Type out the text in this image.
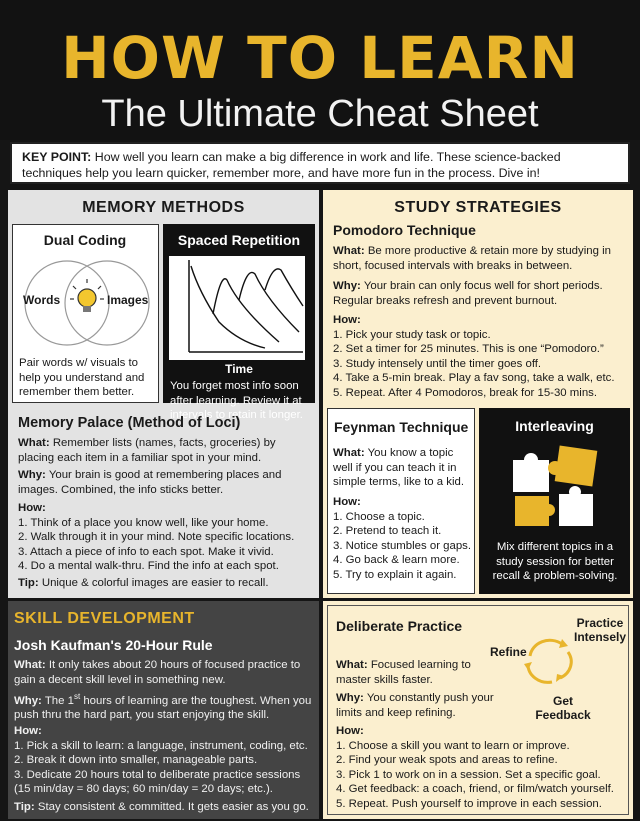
HOW TO LEARN
The Ultimate Cheat Sheet
KEY POINT: How well you learn can make a big difference in work and life. These science-backed techniques help you learn quicker, remember more, and have more fun in the process. Dive in!
MEMORY METHODS
Dual Coding
Words	Images
Pair words w/ visuals to help you understand and remember them better.
Spaced Repetition
Time
You forget most info soon after learning. Review it at intervals to retain it longer.
Memory Palace (Method of Loci)
What: Remember lists (names, facts, groceries) by placing each item in a familiar spot in your mind.
Why: Your brain is good at remembering places and images. Combined, the info sticks better.
How:
1. Think of a place you know well, like your home.
2. Walk through it in your mind. Note specific locations.
3. Attach a piece of info to each spot. Make it vivid.
4. Do a mental walk-thru. Find the info at each spot.
Tip: Unique & colorful images are easier to recall.
STUDY STRATEGIES
Pomodoro Technique
What: Be more productive & retain more by studying in short, focused intervals with breaks in between.
Why: Your brain can only focus well for short periods. Regular breaks refresh and prevent burnout.
How:
1. Pick your study task or topic.
2. Set a timer for 25 minutes. This is one “Pomodoro.”
3. Study intensely until the timer goes off.
4. Take a 5-min break. Play a fav song, take a walk, etc.
5. Repeat. After 4 Pomodoros, break for 15-30 mins.
Feynman Technique
What: You know a topic well if you can teach it in simple terms, like to a kid.
How:
1. Choose a topic.
2. Pretend to teach it.
3. Notice stumbles or gaps.
4. Go back & learn more.
5. Try to explain it again.
Interleaving
Mix different topics in a study session for better recall & problem-solving.
SKILL DEVELOPMENT
Josh Kaufman's 20-Hour Rule
What: It only takes about 20 hours of focused practice to gain a decent skill level in something new.
Why: The 1st hours of learning are the toughest. When you push thru the hard part, you start enjoying the skill.
How:
1. Pick a skill to learn: a language, instrument, coding, etc.
2. Break it down into smaller, manageable parts.
3. Dedicate 20 hours total to deliberate practice sessions
(15 min/day = 80 days; 60 min/day = 20 days; etc.).
Tip: Stay consistent & committed. It gets easier as you go.
Deliberate Practice	Practice Intensely
Refine
Get Feedback
What: Focused learning to master skills faster.
Why: You constantly push your limits and keep refining.
How:
1. Choose a skill you want to learn or improve.
2. Find your weak spots and areas to refine.
3. Pick 1 to work on in a session. Set a specific goal.
4. Get feedback: a coach, friend, or film/watch yourself.
5. Repeat. Push yourself to improve in each session.
